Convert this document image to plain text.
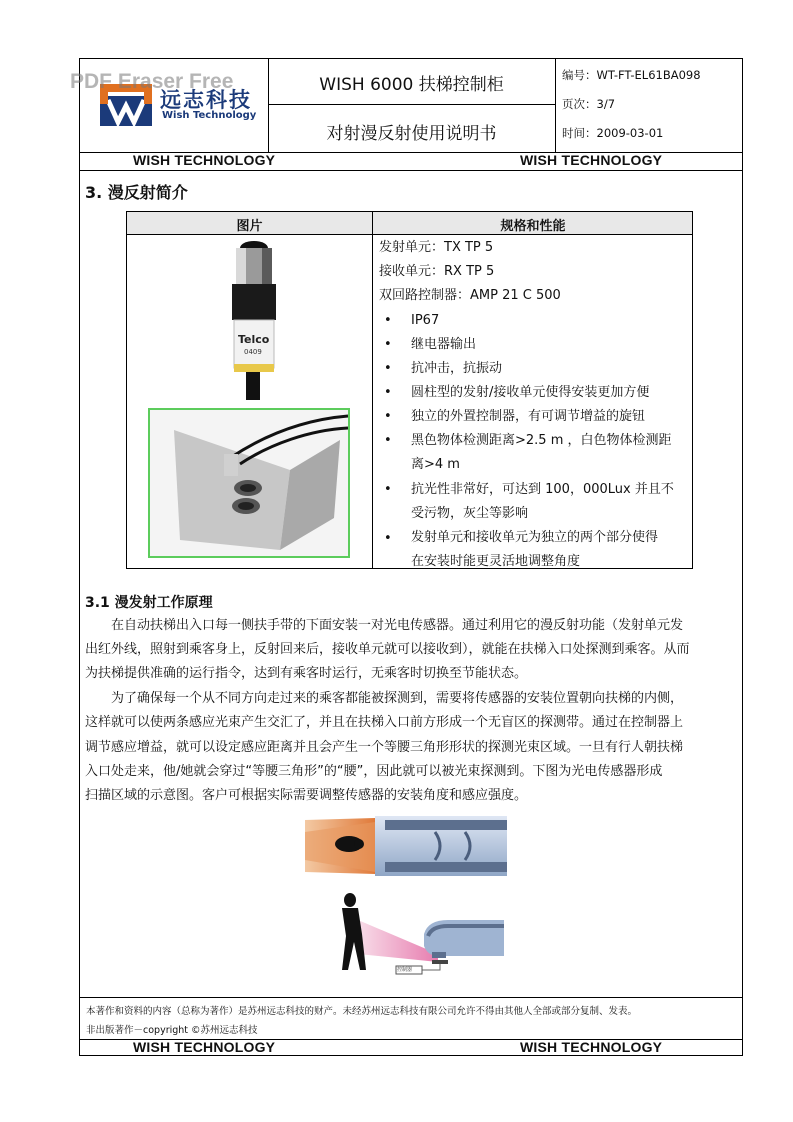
远志科技
Wish Technology
PDF Eraser Free	WISH 6000 扶梯控制柜
对射漫反射使用说明书
编号：WT-FT-EL61BA098
页次：3/7
时间：2009-03-01
WISH TECHNOLOGY	WISH TECHNOLOGY
3. 漫反射简介
图片	规格和性能
Telco
0409
发射单元：TX TP 5
接收单元：RX TP 5
双回路控制器：AMP 21 C 500
• IP67
• 继电器输出
• 抗冲击，抗振动
• 圆柱型的发射/接收单元使得安装更加方便
• 独立的外置控制器，有可调节增益的旋钮
• 黑色物体检测距离>2.5 m ，白色物体检测距
离>4 m
• 抗光性非常好，可达到 100，000Lux 并且不
受污物，灰尘等影响
• 发射单元和接收单元为独立的两个部分使得
在安装时能更灵活地调整角度
3.1 漫发射工作原理
在自动扶梯出入口每一侧扶手带的下面安装一对光电传感器。通过利用它的漫反射功能（发射单元发
出红外线，照射到乘客身上，反射回来后，接收单元就可以接收到），就能在扶梯入口处探测到乘客。从而
为扶梯提供准确的运行指令，达到有乘客时运行，无乘客时切换至节能状态。
为了确保每一个从不同方向走过来的乘客都能被探测到，需要将传感器的安装位置朝向扶梯的内侧，
这样就可以使两条感应光束产生交汇了，并且在扶梯入口前方形成一个无盲区的探测带。通过在控制器上
调节感应增益，就可以设定感应距离并且会产生一个等腰三角形形状的探测光束区域。一旦有行人朝扶梯
入口处走来，他/她就会穿过“等腰三角形”的“腰”，因此就可以被光束探测到。下图为光电传感器形成
扫描区域的示意图。客户可根据实际需要调整传感器的安装角度和感应强度。
控制器
本著作和资料的内容（总称为著作）是苏州远志科技的财产。未经苏州远志科技有限公司允许不得由其他人全部或部分复制、发表。
非出版著作－copyright ©苏州远志科技
WISH TECHNOLOGY	WISH TECHNOLOGY
